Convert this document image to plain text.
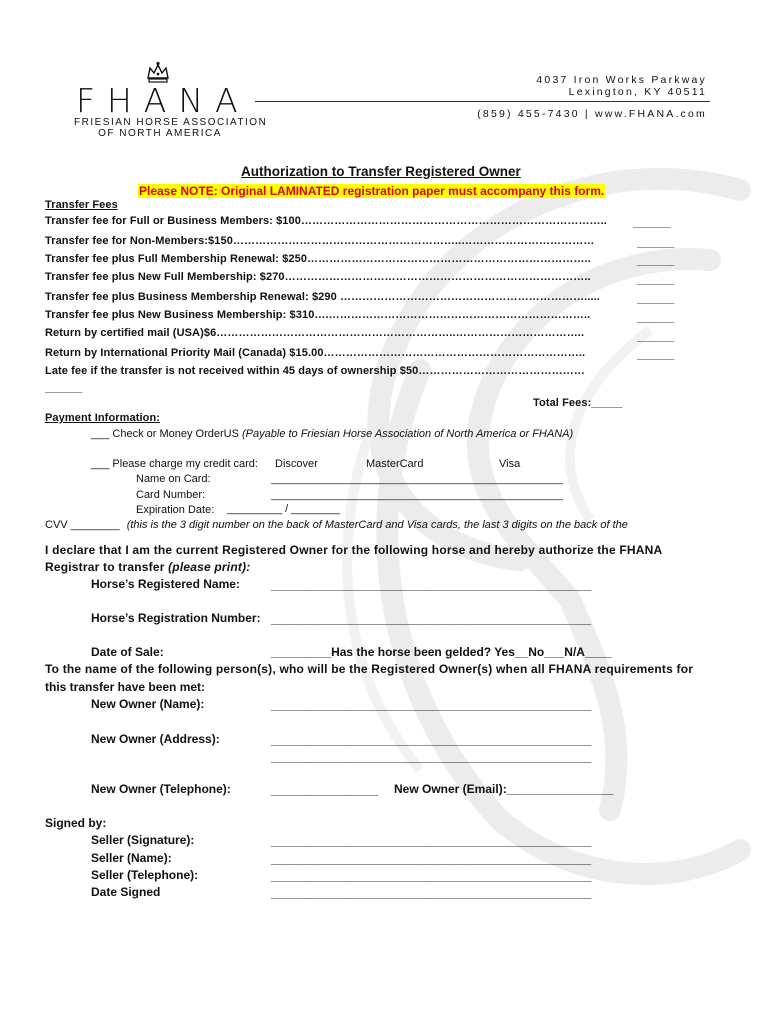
FHANA
FRIESIAN HORSE ASSOCIATION
OF NORTH AMERICA
4037 Iron Works Parkway
Lexington, KY 40511
(859) 455-7430 | www.FHANA.com
Authorization to Transfer Registered Owner
Please NOTE: Original LAMINATED registration paper must accompany this form.
Transfer Fees
Transfer fee for Full or Business Members: $100……………………………………………………………………….. ______
Transfer fee for Non-Members:$150……………………………………………………..………………………………	______
Transfer fee plus Full Membership Renewal: $250…………………………………………………………………..	______
Transfer fee plus New Full Membership: $270………………………………………………………………………..	______
Transfer fee plus Business Membership Renewal: $290 ………………………………………………………….....	______
Transfer fee plus New Business Membership: $310….……………………………………………………………..	______
Return by certified mail (USA)$6………………………………………………………..……………………………..	______
Return by International Priority Mail (Canada) $15.00……………………………………………………………..	______
Late fee if the transfer is not received within 45 days of ownership $50………………………………………
______
Total Fees:_____
Payment Information:
___ Check or Money OrderUS (Payable to Friesian Horse Association of North America or FHANA)
___ Please charge my credit card: Discover	MasterCard	Visa
Name on Card:	__________________________________________________
Card Number:	__________________________________________________
Expiration Date: _________ / ________
CVV ________ (this is the 3 digit number on the back of MasterCard and Visa cards, the last 3 digits on the back of the
I declare that I am the current Registered Owner for the following horse and hereby authorize the FHANA
Registrar to transfer (please print):
Horse’s Registered Name:	________________________________________________
Horse’s Registration Number: ________________________________________________
Date of Sale:	_________Has the horse been gelded? Yes__No___N/A____
To the name of the following person(s), who will be the Registered Owner(s) when all FHANA requirements for
this transfer have been met:
New Owner (Name):	________________________________________________
New Owner (Address):	________________________________________________
________________________________________________
New Owner (Telephone):	________________ New Owner (Email):________________
Signed by:
Seller (Signature):	________________________________________________
Seller (Name):	________________________________________________
Seller (Telephone):	________________________________________________
Date Signed	________________________________________________
